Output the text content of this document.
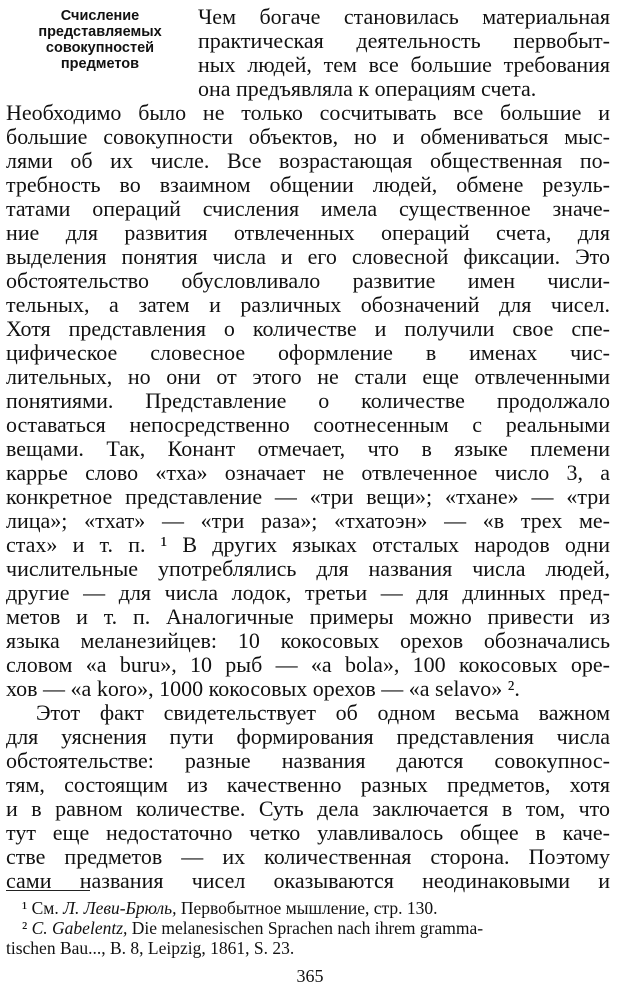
Счисление
представляемых
совокупностей
предметов
Чем богаче становилась материальная
практическая деятельность первобыт-
ных людей, тем все большие требования
она предъявляла к операциям счета.
Необходимо было не только сосчитывать все большие и
большие совокупности объектов, но и обмениваться мыс-
лями об их числе. Все возрастающая общественная по-
требность во взаимном общении людей, обмене резуль-
татами операций счисления имела существенное значе-
ние для развития отвлеченных операций счета, для
выделения понятия числа и его словесной фиксации. Это
обстоятельство обусловливало развитие имен числи-
тельных, а затем и различных обозначений для чисел.
Хотя представления о количестве и получили свое спе-
цифическое словесное оформление в именах чис-
лительных, но они от этого не стали еще отвлеченными
понятиями. Представление о количестве продолжало
оставаться непосредственно соотнесенным с реальными
вещами. Так, Конант отмечает, что в языке племени
каррье слово «тха» означает не отвлеченное число 3, а
конкретное представление — «три вещи»; «тхане» — «три
лица»; «тхат» — «три раза»; «тхатоэн» — «в трех ме-
стах» и т. п. ¹ В других языках отсталых народов одни
числительные употреблялись для названия числа людей,
другие — для числа лодок, третьи — для длинных пред-
метов и т. п. Аналогичные примеры можно привести из
языка меланезийцев: 10 кокосовых орехов обозначались
словом «a buru», 10 рыб — «a bola», 100 кокосовых оре-
хов — «a koro», 1000 кокосовых орехов — «a selavo» ².
Этот факт свидетельствует об одном весьма важном
для уяснения пути формирования представления числа
обстоятельстве: разные названия даются совокупнос-
тям, состоящим из качественно разных предметов, хотя
и в равном количестве. Суть дела заключается в том, что
тут еще недостаточно четко улавливалось общее в каче-
стве предметов — их количественная сторона. Поэтому
сами названия чисел оказываются неодинаковыми и
¹ См. Л. Леви-Брюль, Первобытное мышление, стр. 130.
² C. Gabelentz, Die melanesischen Sprachen nach ihrem gramma-
tischen Bau..., B. 8, Leipzig, 1861, S. 23.
365
